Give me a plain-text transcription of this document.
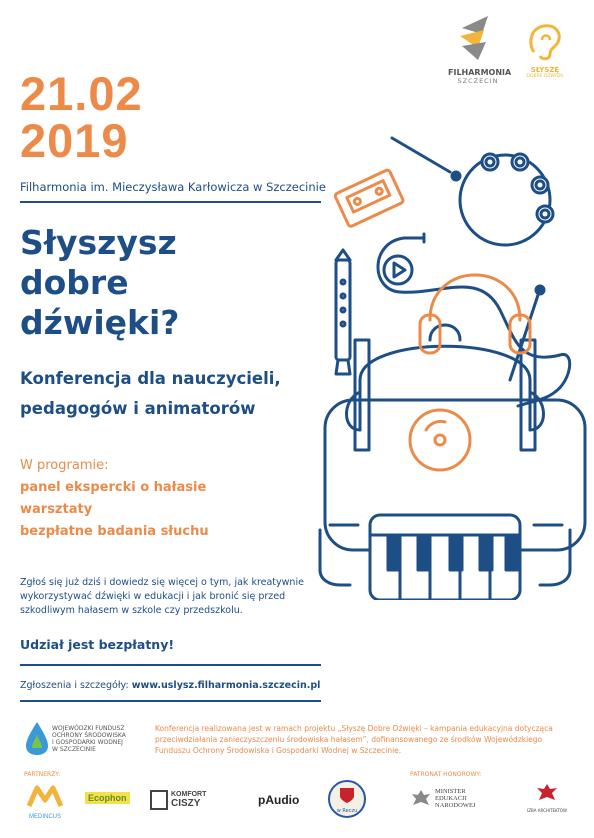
FILHARMONIA
SZCZECIN
SŁYSZĘ
DOBRE DŹWIĘKI
21.02
2019
Filharmonia im. Mieczysława Karłowicza w Szczecinie
Słyszysz
dobre
dźwięki?
Konferencja dla nauczycieli,
pedagogów i animatorów
W programie:
panel ekspercki o hałasie
warsztaty
bezpłatne badania słuchu
Zgłoś się już dziś i dowiedz się więcej o tym, jak kreatywnie
wykorzystywać dźwięki w edukacji i jak bronić się przed
szkodliwym hałasem w szkole czy przedszkolu.
Udział jest bezpłatny!
Zgłoszenia i szczegóły: www.uslysz.filharmonia.szczecin.pl
WOJEWÓDZKI FUNDUSZ
OCHRONY ŚRODOWISKA
I GOSPODARKI WODNEJ
W SZCZECINIE
Konferencja realizowana jest w ramach projektu „Słyszę Dobre Dźwięki – kampania edukacyjna dotycząca przeciwdziałania zanieczyszczeniu środowiska hałasem”, dofinansowanego ze środków Wojewódzkiego Funduszu Ochrony Środowiska i Gospodarki Wodnej w Szczecinie.
PARTNERZY:	PATRONAT HONOROWY:
MEDINCUS
Ecophon	KOMFORT
CISZY	pAudio
w Reczu
MINISTER
EDUKACJI
NARODOWEJ
IZBA ARCHITEKTÓW
